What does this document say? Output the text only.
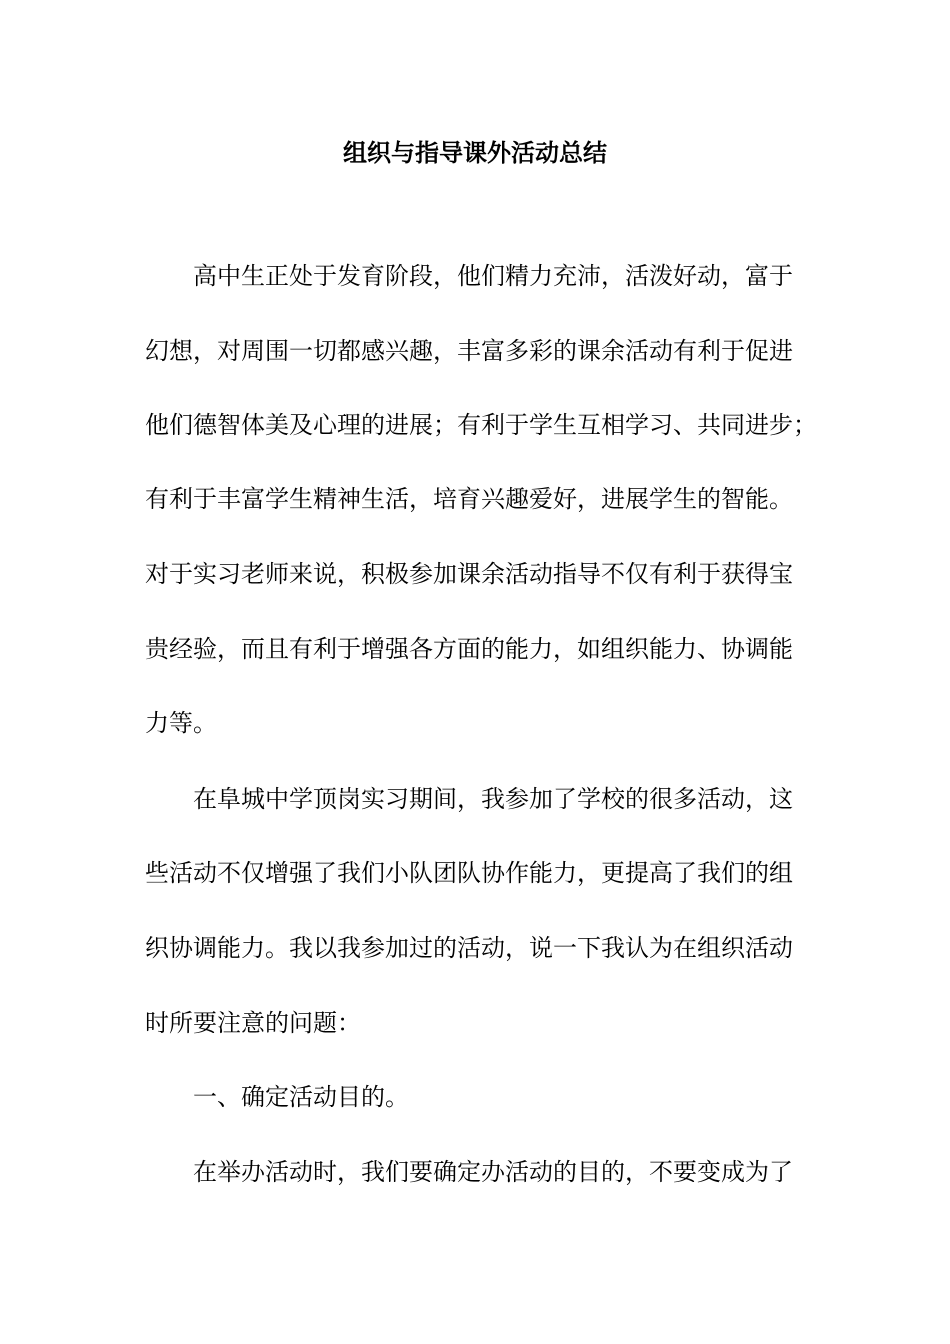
组织与指导课外活动总结

高中生正处于发育阶段，他们精力充沛，活泼好动，富于

幻想，对周围一切都感兴趣，丰富多彩的课余活动有利于促进

他们德智体美及心理的进展；有利于学生互相学习、共同进步；

有利于丰富学生精神生活，培育兴趣爱好，进展学生的智能。

对于实习老师来说，积极参加课余活动指导不仅有利于获得宝

贵经验，而且有利于增强各方面的能力，如组织能力、协调能

力等。

在阜城中学顶岗实习期间，我参加了学校的很多活动，这

些活动不仅增强了我们小队团队协作能力，更提高了我们的组

织协调能力。我以我参加过的活动，说一下我认为在组织活动

时所要注意的问题：

一、确定活动目的。

在举办活动时，我们要确定办活动的目的，不要变成为了
